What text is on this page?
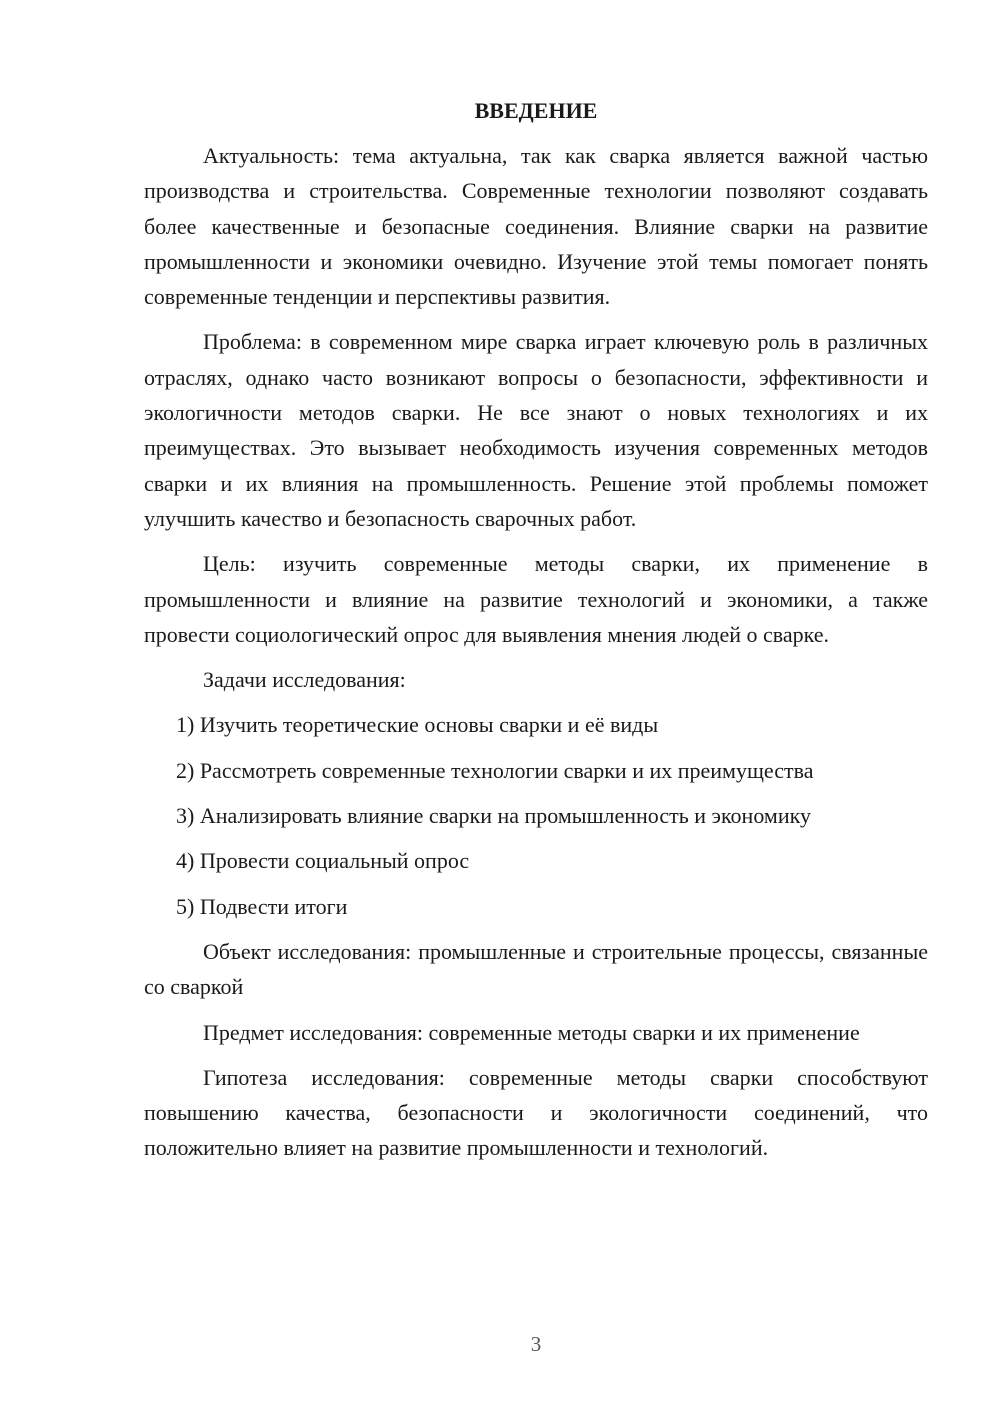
ВВЕДЕНИЕ

Актуальность: тема актуальна, так как сварка является важной частью производства и строительства. Современные технологии позволяют создавать более качественные и безопасные соединения. Влияние сварки на развитие промышленности и экономики очевидно. Изучение этой темы помогает понять современные тенденции и перспективы развития.

Проблема: в современном мире сварка играет ключевую роль в различных отраслях, однако часто возникают вопросы о безопасности, эффективности и экологичности методов сварки. Не все знают о новых технологиях и их преимуществах. Это вызывает необходимость изучения современных методов сварки и их влияния на промышленность. Решение этой проблемы поможет улучшить качество и безопасность сварочных работ.

Цель: изучить современные методы сварки, их применение в промышленности и влияние на развитие технологий и экономики, а также провести социологический опрос для выявления мнения людей о сварке.

Задачи исследования:

1) Изучить теоретические основы сварки и её виды
2) Рассмотреть современные технологии сварки и их преимущества
3) Анализировать влияние сварки на промышленность и экономику
4) Провести социальный опрос
5) Подвести итоги

Объект исследования: промышленные и строительные процессы, связанные со сваркой

Предмет исследования: современные методы сварки и их применение

Гипотеза исследования: современные методы сварки способствуют повышению качества, безопасности и экологичности соединений, что положительно влияет на развитие промышленности и технологий.

3
